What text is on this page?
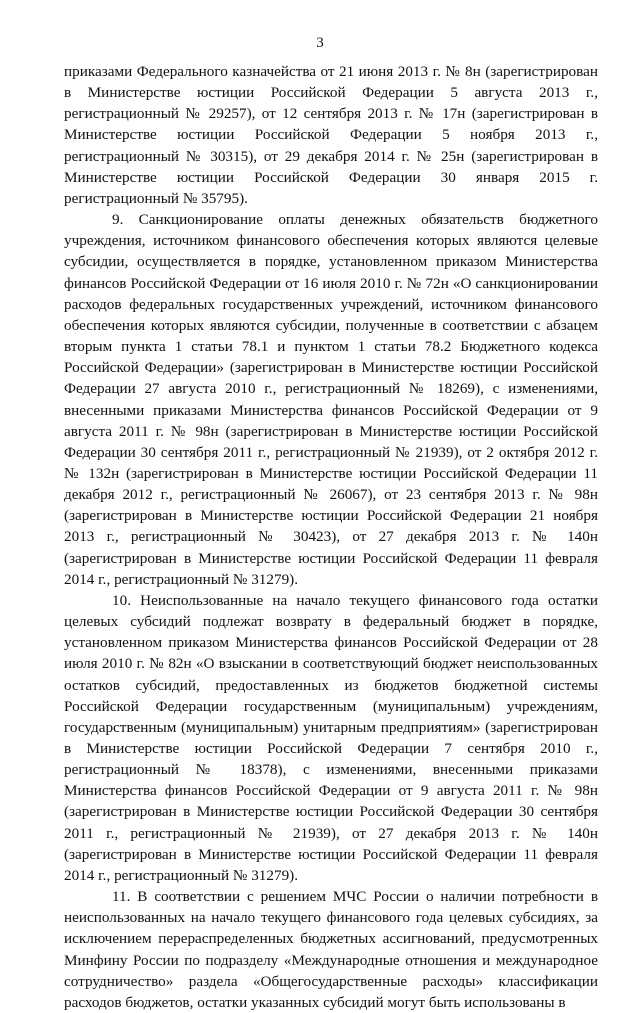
3

приказами Федерального казначейства от 21 июня 2013 г. № 8н (зарегистрирован в Министерстве юстиции Российской Федерации 5 августа 2013 г., регистрационный № 29257), от 12 сентября 2013 г. № 17н (зарегистрирован в Министерстве юстиции Российской Федерации 5 ноября 2013 г., регистрационный № 30315), от 29 декабря 2014 г. № 25н (зарегистрирован в Министерстве юстиции Российской Федерации 30 января 2015 г. регистрационный № 35795).

9. Санкционирование оплаты денежных обязательств бюджетного учреждения, источником финансового обеспечения которых являются целевые субсидии, осуществляется в порядке, установленном приказом Министерства финансов Российской Федерации от 16 июля 2010 г. № 72н «О санкционировании расходов федеральных государственных учреждений, источником финансового обеспечения которых являются субсидии, полученные в соответствии с абзацем вторым пункта 1 статьи 78.1 и пунктом 1 статьи 78.2 Бюджетного кодекса Российской Федерации» (зарегистрирован в Министерстве юстиции Российской Федерации 27 августа 2010 г., регистрационный № 18269), с изменениями, внесенными приказами Министерства финансов Российской Федерации от 9 августа 2011 г. № 98н (зарегистрирован в Министерстве юстиции Российской Федерации 30 сентября 2011 г., регистрационный № 21939), от 2 октября 2012 г. № 132н (зарегистрирован в Министерстве юстиции Российской Федерации 11 декабря 2012 г., регистрационный № 26067), от 23 сентября 2013 г. № 98н (зарегистрирован в Министерстве юстиции Российской Федерации 21 ноября 2013 г., регистрационный № 30423), от 27 декабря 2013 г. № 140н (зарегистрирован в Министерстве юстиции Российской Федерации 11 февраля 2014 г., регистрационный № 31279).

10. Неиспользованные на начало текущего финансового года остатки целевых субсидий подлежат возврату в федеральный бюджет в порядке, установленном приказом Министерства финансов Российской Федерации от 28 июля 2010 г. № 82н «О взыскании в соответствующий бюджет неиспользованных остатков субсидий, предоставленных из бюджетов бюджетной системы Российской Федерации государственным (муниципальным) учреждениям, государственным (муниципальным) унитарным предприятиям» (зарегистрирован в Министерстве юстиции Российской Федерации 7 сентября 2010 г., регистрационный № 18378), с изменениями, внесенными приказами Министерства финансов Российской Федерации от 9 августа 2011 г. № 98н (зарегистрирован в Министерстве юстиции Российской Федерации 30 сентября 2011 г., регистрационный № 21939), от 27 декабря 2013 г. № 140н (зарегистрирован в Министерстве юстиции Российской Федерации 11 февраля 2014 г., регистрационный № 31279).

11. В соответствии с решением МЧС России о наличии потребности в неиспользованных на начало текущего финансового года целевых субсидиях, за исключением перераспределенных бюджетных ассигнований, предусмотренных Минфину России по подразделу «Международные отношения и международное сотрудничество» раздела «Общегосударственные расходы» классификации расходов бюджетов, остатки указанных субсидий могут быть использованы в
